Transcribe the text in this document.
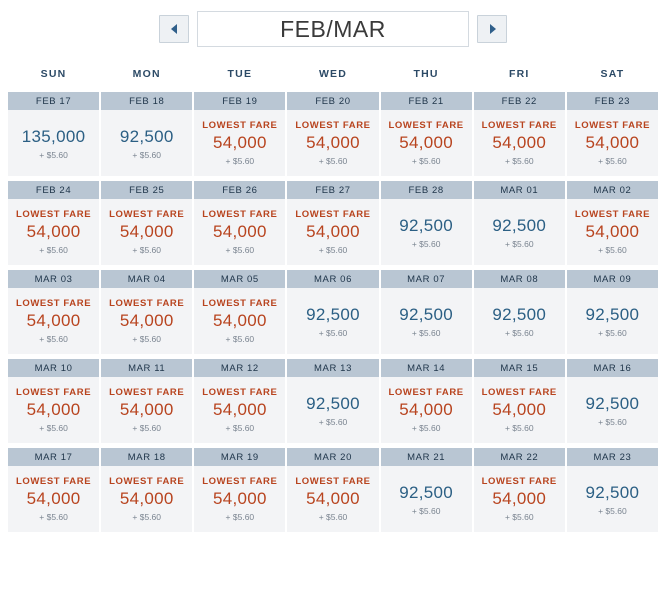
FEB/MAR
SUN	MON	TUE	WED	THU	FRI	SAT
FEB 17	FEB 18	FEB 19	FEB 20	FEB 21	FEB 22	FEB 23
135,000
+ $5.60
92,500
+ $5.60
LOWEST FARE
54,000
+ $5.60
LOWEST FARE
54,000
+ $5.60
LOWEST FARE
54,000
+ $5.60
LOWEST FARE
54,000
+ $5.60
LOWEST FARE
54,000
+ $5.60
FEB 24	FEB 25	FEB 26	FEB 27	FEB 28	MAR 01	MAR 02
LOWEST FARE
54,000
+ $5.60
LOWEST FARE
54,000
+ $5.60
LOWEST FARE
54,000
+ $5.60
LOWEST FARE
54,000
+ $5.60
92,500
+ $5.60
92,500
+ $5.60
LOWEST FARE
54,000
+ $5.60
MAR 03	MAR 04	MAR 05	MAR 06	MAR 07	MAR 08	MAR 09
LOWEST FARE
54,000
+ $5.60
LOWEST FARE
54,000
+ $5.60
LOWEST FARE
54,000
+ $5.60
92,500
+ $5.60
92,500
+ $5.60
92,500
+ $5.60
92,500
+ $5.60
MAR 10	MAR 11	MAR 12	MAR 13	MAR 14	MAR 15	MAR 16
LOWEST FARE
54,000
+ $5.60
LOWEST FARE
54,000
+ $5.60
LOWEST FARE
54,000
+ $5.60
92,500
+ $5.60
LOWEST FARE
54,000
+ $5.60
LOWEST FARE
54,000
+ $5.60
92,500
+ $5.60
MAR 17	MAR 18	MAR 19	MAR 20	MAR 21	MAR 22	MAR 23
LOWEST FARE
54,000
+ $5.60
LOWEST FARE
54,000
+ $5.60
LOWEST FARE
54,000
+ $5.60
LOWEST FARE
54,000
+ $5.60
92,500
+ $5.60
LOWEST FARE
54,000
+ $5.60
92,500
+ $5.60
